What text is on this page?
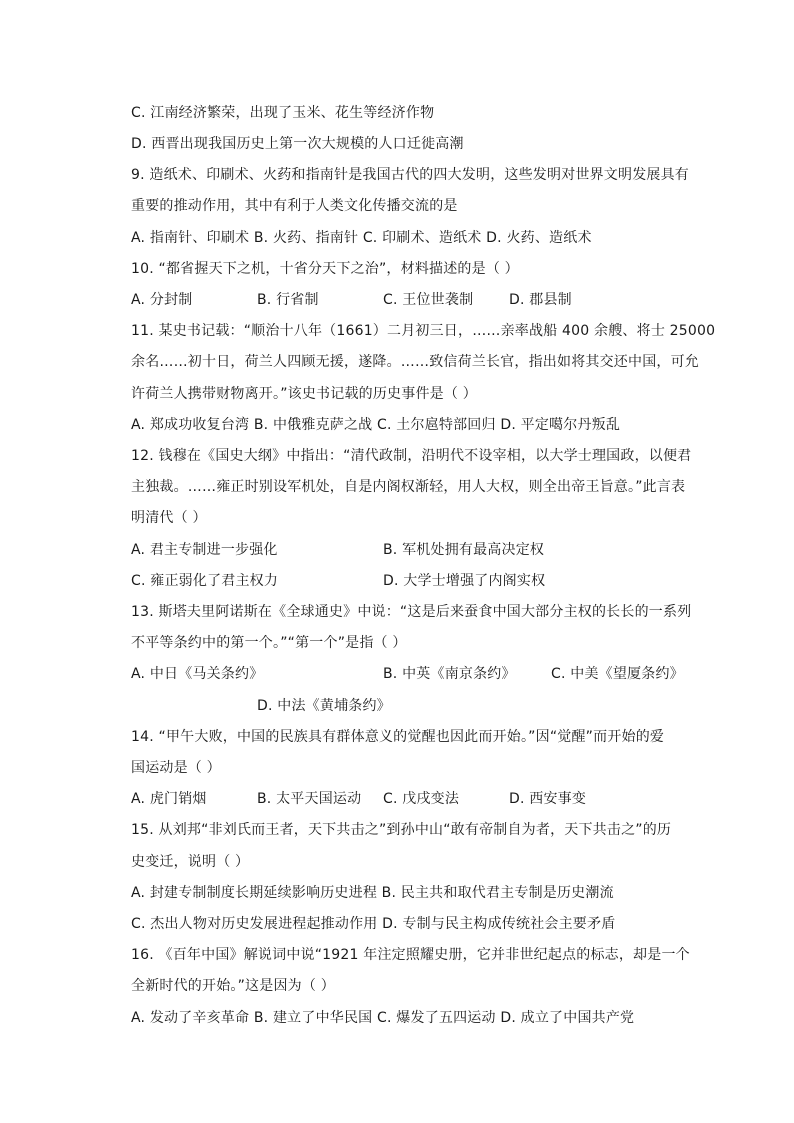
C. 江南经济繁荣，出现了玉米、花生等经济作物
D. 西晋出现我国历史上第一次大规模的人口迁徙高潮
9. 造纸术、印刷术、火药和指南针是我国古代的四大发明，这些发明对世界文明发展具有
重要的推动作用，其中有利于人类文化传播交流的是
A. 指南针、印刷术 B. 火药、指南针 C. 印刷术、造纸术 D. 火药、造纸术
10. “都省握天下之机，十省分天下之治”，材料描述的是（ ）
A. 分封制	B. 行省制	C. 王位世袭制	D. 郡县制
11. 某史书记载：“顺治十八年（1661）二月初三日，……亲率战船 400 余艘、将士 25000
余名……初十日，荷兰人四顾无援，遂降。……致信荷兰长官，指出如将其交还中国，可允
许荷兰人携带财物离开。”该史书记载的历史事件是（ ）
A. 郑成功收复台湾 B. 中俄雅克萨之战 C. 土尔扈特部回归 D. 平定噶尔丹叛乱
12. 钱穆在《国史大纲》中指出：“清代政制，沿明代不设宰相，以大学士理国政，以便君
主独裁。……雍正时别设军机处，自是内阁权渐轻，用人大权，则全出帝王旨意。”此言表
明清代（ ）
A. 君主专制进一步强化	B. 军机处拥有最高决定权
C. 雍正弱化了君主权力	D. 大学士增强了内阁实权
13. 斯塔夫里阿诺斯在《全球通史》中说：“这是后来蚕食中国大部分主权的长长的一系列
不平等条约中的第一个。”“第一个”是指（ ）
A. 中日《马关条约》	B. 中英《南京条约》	C. 中美《望厦条约》
D. 中法《黄埔条约》
14. “甲午大败，中国的民族具有群体意义的觉醒也因此而开始。”因“觉醒”而开始的爱
国运动是（ ）
A. 虎门销烟	B. 太平天国运动 C. 戊戌变法	D. 西安事变
15. 从刘邦“非刘氏而王者，天下共击之”到孙中山“敢有帝制自为者，天下共击之”的历
史变迁，说明（ ）
A. 封建专制制度长期延续影响历史进程 B. 民主共和取代君主专制是历史潮流
C. 杰出人物对历史发展进程起推动作用 D. 专制与民主构成传统社会主要矛盾
16. 《百年中国》解说词中说“1921 年注定照耀史册，它并非世纪起点的标志，却是一个
全新时代的开始。”这是因为（ ）
A. 发动了辛亥革命 B. 建立了中华民国 C. 爆发了五四运动 D. 成立了中国共产党
